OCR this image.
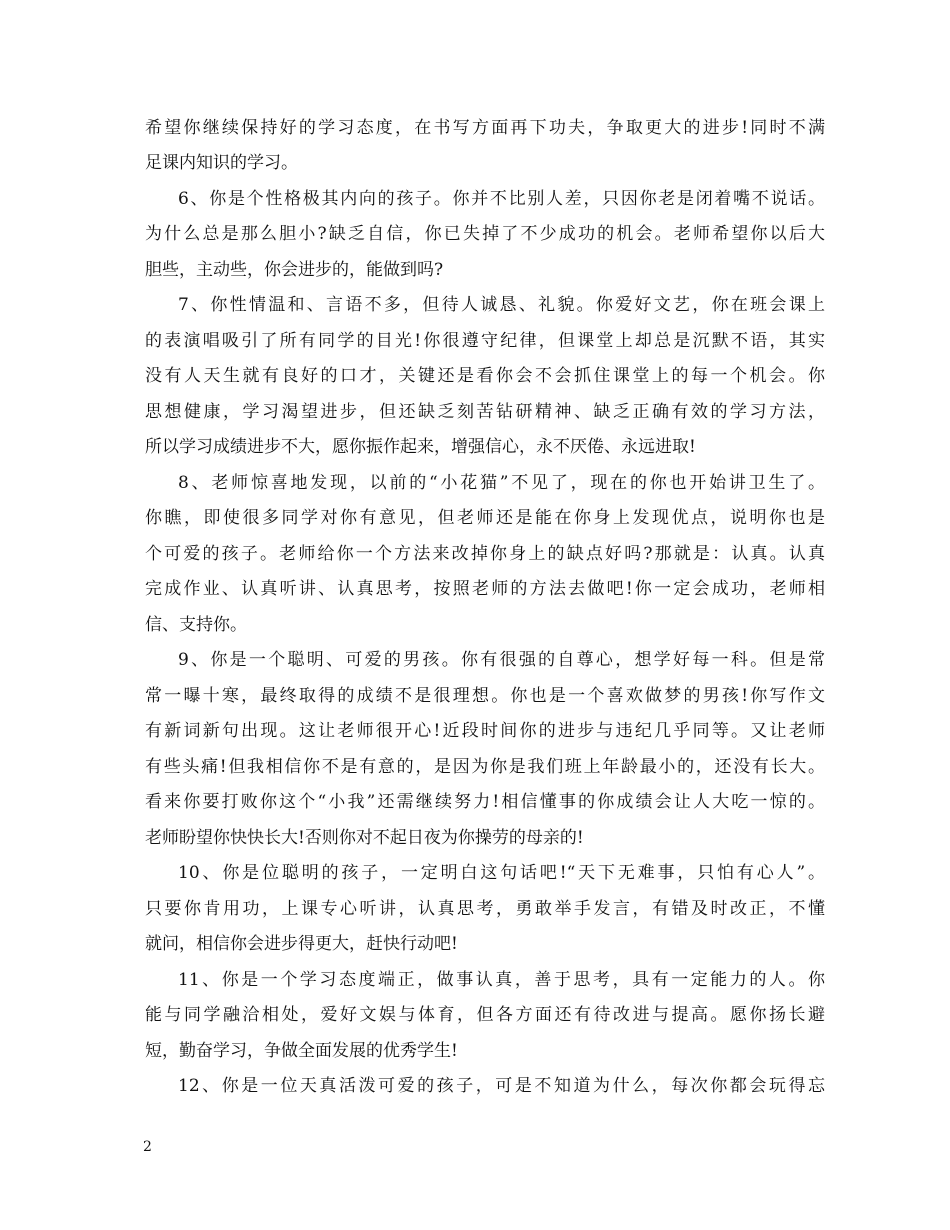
希望你继续保持好的学习态度，在书写方面再下功夫，争取更大的进步!同时不满
足课内知识的学习。
6、你是个性格极其内向的孩子。你并不比别人差，只因你老是闭着嘴不说话。
为什么总是那么胆小?缺乏自信，你已失掉了不少成功的机会。老师希望你以后大
胆些，主动些，你会进步的，能做到吗?
7、你性情温和、言语不多，但待人诚恳、礼貌。你爱好文艺，你在班会课上
的表演唱吸引了所有同学的目光!你很遵守纪律，但课堂上却总是沉默不语，其实
没有人天生就有良好的口才，关键还是看你会不会抓住课堂上的每一个机会。你
思想健康，学习渴望进步，但还缺乏刻苦钻研精神、缺乏正确有效的学习方法，
所以学习成绩进步不大，愿你振作起来，增强信心，永不厌倦、永远进取!
8、老师惊喜地发现，以前的“小花猫”不见了，现在的你也开始讲卫生了。
你瞧，即使很多同学对你有意见，但老师还是能在你身上发现优点，说明你也是
个可爱的孩子。老师给你一个方法来改掉你身上的缺点好吗?那就是：认真。认真
完成作业、认真听讲、认真思考，按照老师的方法去做吧!你一定会成功，老师相
信、支持你。
9、你是一个聪明、可爱的男孩。你有很强的自尊心，想学好每一科。但是常
常一曝十寒，最终取得的成绩不是很理想。你也是一个喜欢做梦的男孩!你写作文
有新词新句出现。这让老师很开心!近段时间你的进步与违纪几乎同等。又让老师
有些头痛!但我相信你不是有意的，是因为你是我们班上年龄最小的，还没有长大。
看来你要打败你这个“小我”还需继续努力!相信懂事的你成绩会让人大吃一惊的。
老师盼望你快快长大!否则你对不起日夜为你操劳的母亲的!
10、你是位聪明的孩子，一定明白这句话吧!“天下无难事，只怕有心人”。
只要你肯用功，上课专心听讲，认真思考，勇敢举手发言，有错及时改正，不懂
就问，相信你会进步得更大，赶快行动吧!
11、你是一个学习态度端正，做事认真，善于思考，具有一定能力的人。你
能与同学融洽相处，爱好文娱与体育，但各方面还有待改进与提高。愿你扬长避
短，勤奋学习，争做全面发展的优秀学生!
12、你是一位天真活泼可爱的孩子，可是不知道为什么，每次你都会玩得忘
2
